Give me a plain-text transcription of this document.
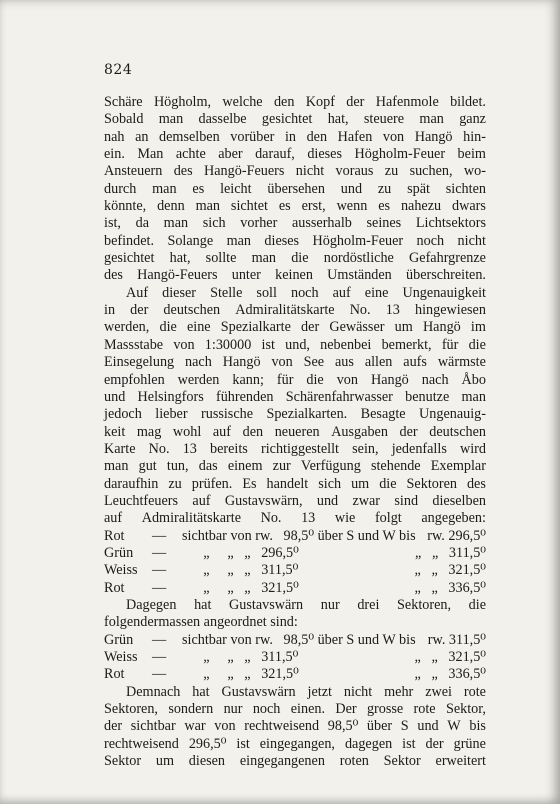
824
Schäre Högholm, welche den Kopf der Hafenmole bildet.
Sobald man dasselbe gesichtet hat, steuere man ganz
nah an demselben vorüber in den Hafen von Hangö hin-
ein. Man achte aber darauf, dieses Högholm-Feuer beim
Ansteuern des Hangö-Feuers nicht voraus zu suchen, wo-
durch man es leicht übersehen und zu spät sichten
könnte, denn man sichtet es erst, wenn es nahezu dwars
ist, da man sich vorher ausserhalb seines Lichtsektors
befindet. Solange man dieses Högholm-Feuer noch nicht
gesichtet hat, sollte man die nordöstliche Gefahrgrenze
des Hangö-Feuers unter keinen Umständen überschreiten.
Auf dieser Stelle soll noch auf eine Ungenauigkeit
in der deutschen Admiralitätskarte No. 13 hingewiesen
werden, die eine Spezialkarte der Gewässer um Hangö im
Massstabe von 1:30000 ist und, nebenbei bemerkt, für die
Einsegelung nach Hangö von See aus allen aufs wärmste
empfohlen werden kann; für die von Hangö nach Åbo
und Helsingfors führenden Schärenfahrwasser benutze man
jedoch lieber russische Spezialkarten. Besagte Ungenauig-
keit mag wohl auf den neueren Ausgaben der deutschen
Karte No. 13 bereits richtiggestellt sein, jedenfalls wird
man gut tun, das einem zur Verfügung stehende Exemplar
daraufhin zu prüfen. Es handelt sich um die Sektoren des
Leuchtfeuers auf Gustavswärn, und zwar sind dieselben
auf Admiralitätskarte No. 13 wie folgt angegeben:
Rot	—	sichtbar von rw.   98,5⁰ über S und W bis rw. 296,5⁰
Grün	—	„     „   „   296,5⁰	„   „   311,5⁰
Weiss	—	„     „   „   311,5⁰	„   „   321,5⁰
Rot	—	„     „   „   321,5⁰	„   „   336,5⁰
Dagegen hat Gustavswärn nur drei Sektoren, die
folgendermassen angeordnet sind:
Grün	—	sichtbar von rw.   98,5⁰ über S und W bis rw. 311,5⁰
Weiss	—	„     „   „   311,5⁰	„   „   321,5⁰
Rot	—	„     „   „   321,5⁰	„   „   336,5⁰
Demnach hat Gustavswärn jetzt nicht mehr zwei rote
Sektoren, sondern nur noch einen. Der grosse rote Sektor,
der sichtbar war von rechtweisend 98,5⁰ über S und W bis
rechtweisend 296,5⁰ ist eingegangen, dagegen ist der grüne
Sektor um diesen eingegangenen roten Sektor erweitert
